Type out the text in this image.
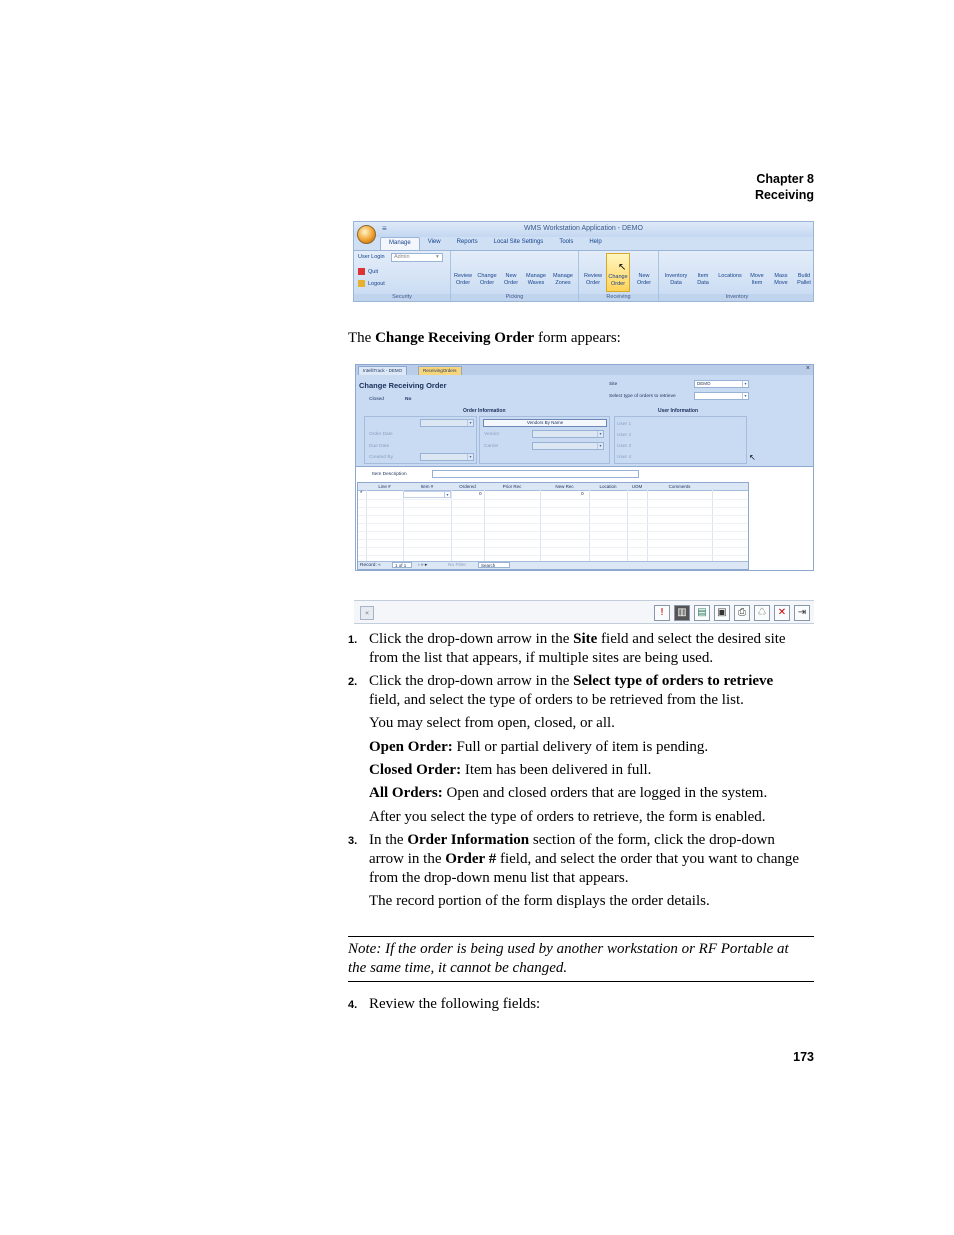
Chapter 8
Receiving
WMS Workstation Application - DEMO
≡
Manage	View	Reports	Local Site Settings	Tools	Help
User Login	Admin	▾
Quit
Logout
Security
Review
Order
Change
Order
New
Order
Manage
Waves
Manage
Zones
Picking
Review
Order
Change
Order
New
Order
Receiving
Inventory
Data
Item
Data
Locations	Move
Item
Mass
Move
Build
Pallet
Inventory
↖
The Change Receiving Order form appears:
IntelliTrack - DEMO	ReceivingOrders	×
Change Receiving Order
Closed	No
Site	DEMO	▾
Select type of orders to retrieve	▾
Order Information	User Information
▾
Order Date
Due Date
Created By	▾
Vendors By Name
Vendor	▾
Carrier	▾
User 1
User 2
User 3
User 4	↖
Item Description
Line #	Item #	Ordered	Prior Rec	New Rec	Location	UOM	Comments
*	▾	0	0
Record: «	1 of 1	› » ▸	No Filter	Search
«	!	▥	▤	▣	⎙	♺	✕	⇥
1. Click the drop-down arrow in the Site field and select the desired site
from the list that appears, if multiple sites are being used.
2. Click the drop-down arrow in the Select type of orders to retrieve
field, and select the type of orders to be retrieved from the list.
You may select from open, closed, or all.
Open Order: Full or partial delivery of item is pending.
Closed Order: Item has been delivered in full.
All Orders: Open and closed orders that are logged in the system.
After you select the type of orders to retrieve, the form is enabled.
3. In the Order Information section of the form, click the drop-down
arrow in the Order # field, and select the order that you want to change
from the drop-down menu list that appears.
The record portion of the form displays the order details.
Note: If the order is being used by another workstation or RF Portable at
the same time, it cannot be changed.
4. Review the following fields:
173
